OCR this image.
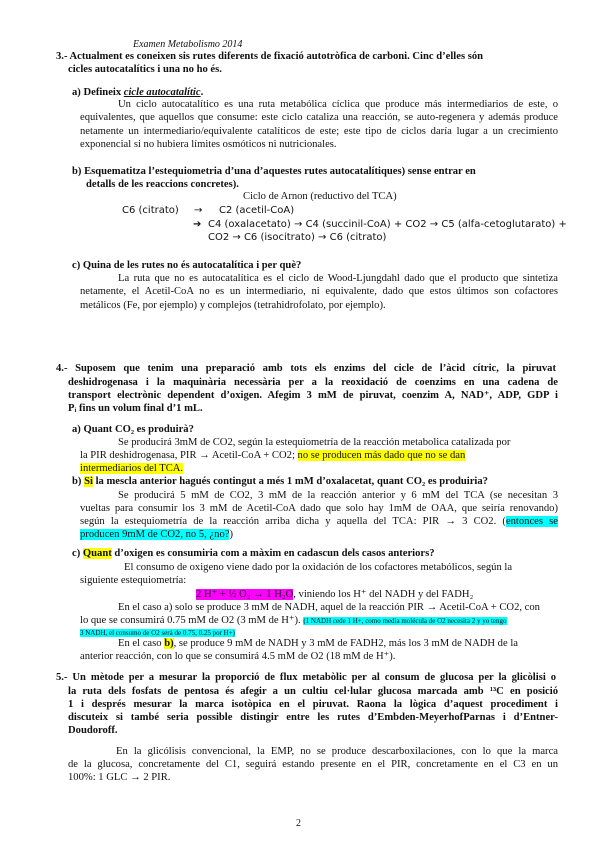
Examen Metabolismo 2014
3.- Actualment es coneixen sis rutes diferents de fixació autotròfica de carboni. Cinc d’elles són
cicles autocatalítics i una no ho és.
a) Defineix cicle autocatalític.
Un ciclo autocatalítico es una ruta metabólica cíclica que produce más intermediarios de este, o equivalentes, que aquellos que consume: este ciclo cataliza una reacción, se auto-regenera y además produce netamente un intermediario/equivalente catalíticos de este; este tipo de ciclos daría lugar a un crecimiento exponencial si no hubiera límites osmóticos ni nutricionales.
b) Esquematitza l’estequiometria d’una d’aquestes rutes autocatalítiques) sense entrar en
detalls de les reaccions concretes).
Ciclo de Arnon (reductivo del TCA)
C6 (citrato) → C2 (acetil-CoA)
➔ C4 (oxalacetato) → C4 (succinil-CoA) + CO2 → C5 (alfa-cetoglutarato) +
CO2 → C6 (isocitrato) → C6 (citrato)
c) Quina de les rutes no és autocatalítica i per què?
La ruta que no es autocatalítica es el ciclo de Wood-Ljungdahl dado que el producto que sintetiza netamente, el Acetil-CoA no es un intermediario, ni equivalente, dado que estos últimos son cofactores metálicos (Fe, por ejemplo) y complejos (tetrahidrofolato, por ejemplo).
4.- Suposem que tenim una preparació amb tots els enzims del cicle de l’àcid cítric, la piruvat
deshidrogenasa i la maquinària necessària per a la reoxidació de coenzims en una cadena de
transport electrònic dependent d’oxigen. Afegim 3 mM de piruvat, coenzim A, NAD⁺, ADP, GDP i
Pᵢ fins un volum final d’1 mL.
a) Quant CO₂ es produirà?
Se producirá 3mM de CO2, según la estequiometría de la reacción metabolica catalizada por
la PIR deshidrogenasa, PIR → Acetil-CoA + CO2; no se producen más dado que no se dan
intermediarios del TCA.
b) Si la mescla anterior hagués contingut a més 1 mM d’oxalacetat, quant CO₂ es produiria?
Se producirá 5 mM de CO2, 3 mM de la reacción anterior y 6 mM del TCA (se necesitan 3
vueltas para consumir los 3 mM de Acetil-CoA dado que solo hay 1mM de OAA, que seiría renovando)
según la estequiometría de la reacción arriba dicha y aquella del TCA: PIR → 3 CO2. (entonces se
producen 9mM de CO2, no 5, ¿no?)
c) Quant d’oxigen es consumiria com a màxim en cadascun dels casos anteriors?
El consumo de oxigeno viene dado por la oxidación de los cofactores metabólicos, según la
siguiente estequiometría:
2 H⁺ + ½ O₂ → 1 H₂O, viniendo los H⁺ del NADH y del FADH₂
En el caso a) solo se produce 3 mM de NADH, aquel de la reacción PIR → Acetil-CoA + CO2, con
lo que se consumirá 0.75 mM de O2 (3 mM de H⁺). (1 NADH cede 1 H+, como media molécula de O2 necesita 2 y yo tengo
3 NADH, el consumo de O2 será de 0.75, 0.25 por H+)
En el caso b), se produce 9 mM de NADH y 3 mM de FADH2, más los 3 mM de NADH de la
anterior reacción, con lo que se consumirá 4.5 mM de O2 (18 mM de H⁺).
5.- Un mètode per a mesurar la proporció de flux metabòlic per al consum de glucosa per la glicòlisi o
la ruta dels fosfats de pentosa és afegir a un cultiu cel·lular glucosa marcada amb ¹³C en posició
1 i després mesurar la marca isotòpica en el piruvat. Raona la lògica d’aquest procediment i
discuteix si també seria possible distingir entre les rutes d’Embden-MeyerhofParnas i d’Entner-
Doudoroff.
En la glicólisis convencional, la EMP, no se produce descarboxilaciones, con lo que la marca
de la glucosa, concretamente del C1, seguirá estando presente en el PIR, concretamente en el C3 en un
100%: 1 GLC → 2 PIR.
2
